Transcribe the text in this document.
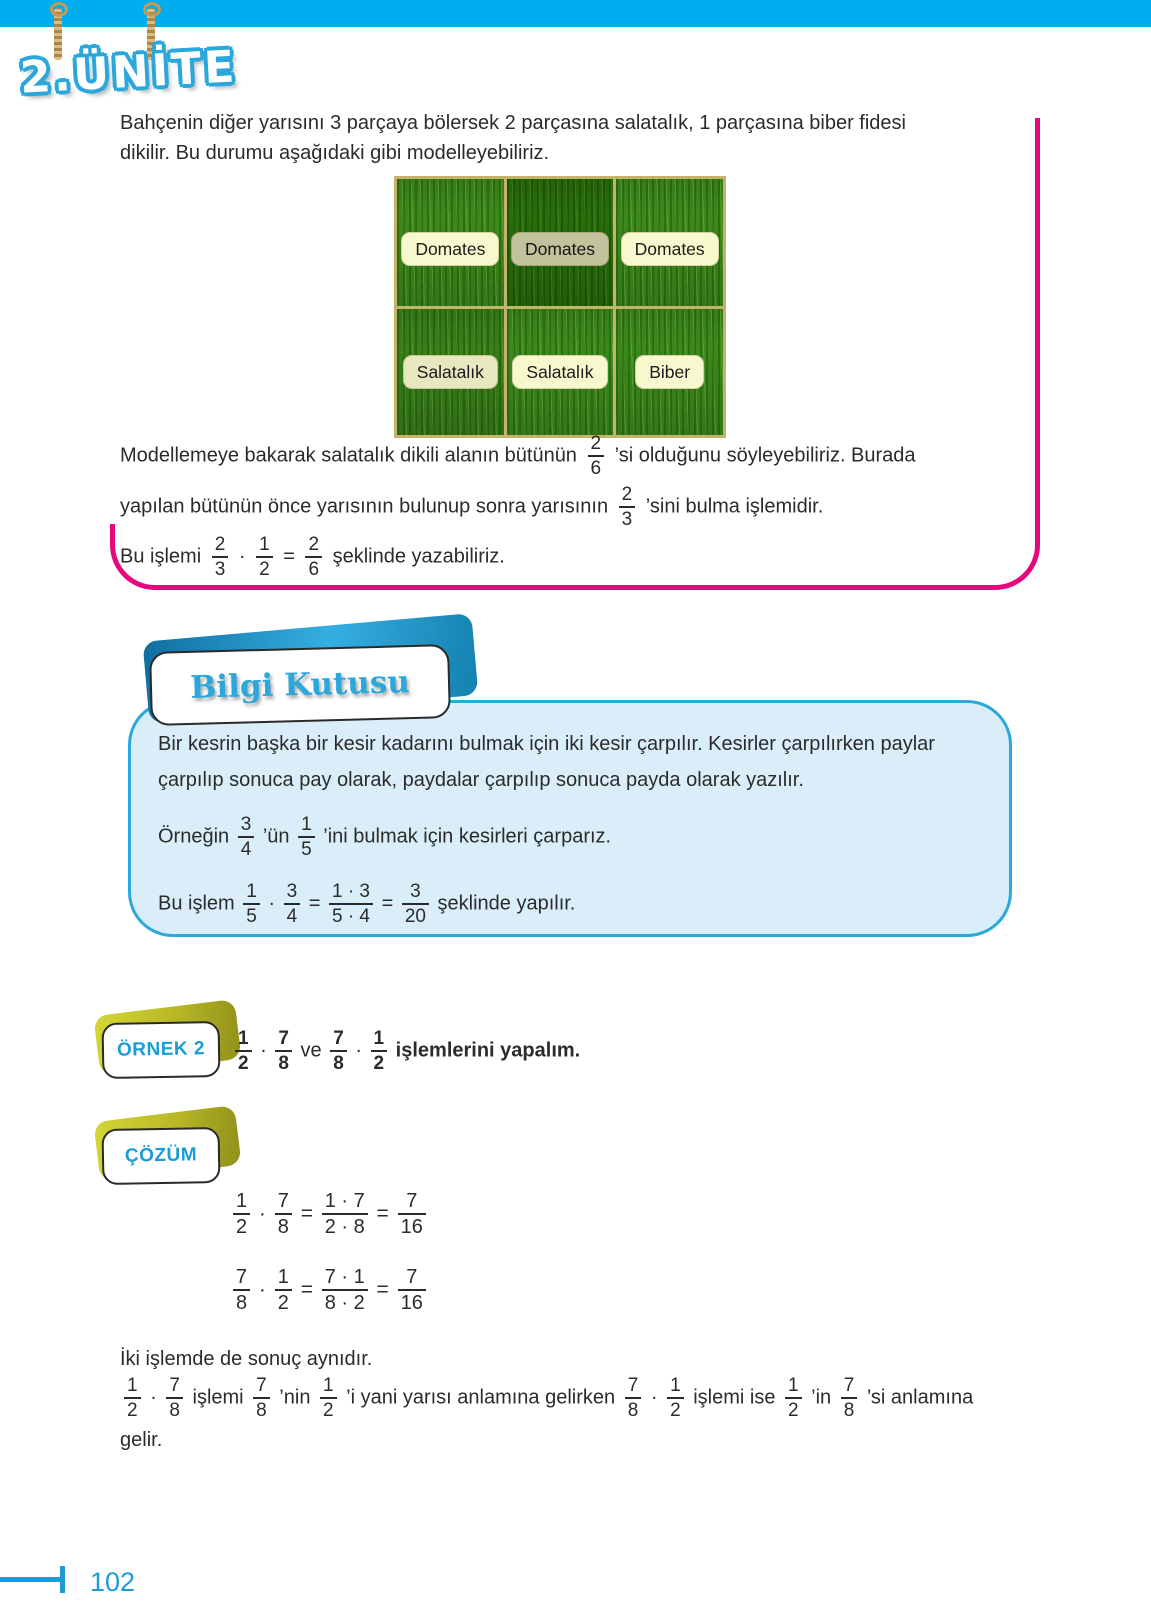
2.ÜNİTE
Bahçenin diğer yarısını 3 parçaya bölersek 2 parçasına salatalık, 1 parçasına biber fidesi
dikilir. Bu durumu aşağıdaki gibi modelleyebiliriz.
Domates	Domates	Domates
Salatalık	Salatalık	Biber
Modellemeye bakarak salatalık dikili alanın bütünün $\frac{2}{6}$ ’si olduğunu söyleyebiliriz. Burada
yapılan bütünün önce yarısının bulunup sonra yarısının $\frac{2}{3}$ ’sini bulma işlemidir.
Bu işlemi $\frac{2}{3} \cdot \frac{1}{2} = \frac{2}{6}$ şeklinde yazabiliriz.
Bilgi Kutusu
Bir kesrin başka bir kesir kadarını bulmak için iki kesir çarpılır. Kesirler çarpılırken paylar
çarpılıp sonuca pay olarak, paydalar çarpılıp sonuca payda olarak yazılır.
Örneğin $\frac{3}{4}$ ’ün $\frac{1}{5}$ ’ini bulmak için kesirleri çarparız.
Bu işlem $\frac{1}{5} \cdot \frac{3}{4} = \frac{1 \cdot 3}{5 \cdot 4} = \frac{3}{20}$ şeklinde yapılır.
ÖRNEK 2	$\frac{1}{2} \cdot \frac{7}{8}$ ve $\frac{7}{8} \cdot \frac{1}{2}$ işlemlerini yapalım.
ÇÖZÜM
$\frac{1}{2} \cdot \frac{7}{8} = \frac{1 \cdot 7}{2 \cdot 8} = \frac{7}{16}$
$\frac{7}{8} \cdot \frac{1}{2} = \frac{7 \cdot 1}{8 \cdot 2} = \frac{7}{16}$
İki işlemde de sonuç aynıdır.
$\frac{1}{2} \cdot \frac{7}{8}$ işlemi $\frac{7}{8}$ ’nin $\frac{1}{2}$ ’i yani yarısı anlamına gelirken $\frac{7}{8} \cdot \frac{1}{2}$ işlemi ise $\frac{1}{2}$ ’in $\frac{7}{8}$ ’si anlamına
gelir.
102
